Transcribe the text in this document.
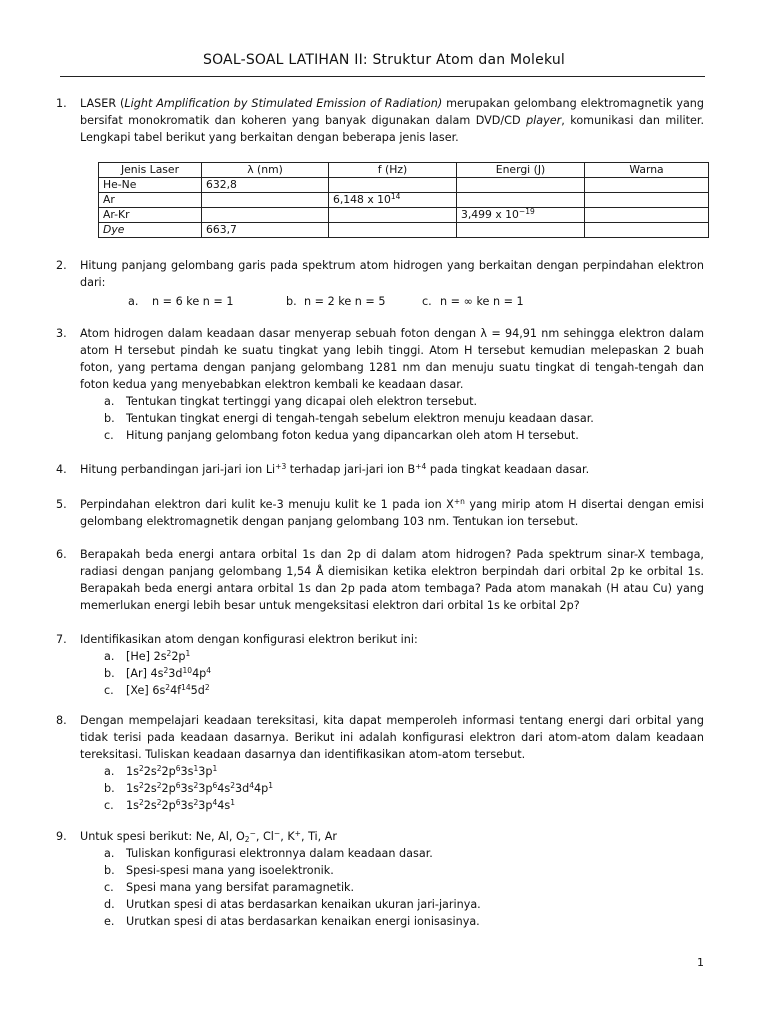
SOAL-SOAL LATIHAN II: Struktur Atom dan Molekul
1.	LASER (Light Amplification by Stimulated Emission of Radiation) merupakan gelombang elektromagnetik yang bersifat monokromatik dan koheren yang banyak digunakan dalam DVD/CD player, komunikasi dan militer. Lengkapi tabel berikut yang berkaitan dengan beberapa jenis laser.
Jenis Laser	λ (nm)	f (Hz)	Energi (J)	Warna
He-Ne	632,8			
Ar		6,148 x $10^{14}$		
Ar-Kr			3,499 x $10^{-19}$	
Dye	663,7			
2.	Hitung panjang gelombang garis pada spektrum atom hidrogen yang berkaitan dengan perpindahan elektron dari:
a. n = 6 ke n = 1	b. n = 2 ke n = 5	c. n = ∞ ke n = 1
3.	Atom hidrogen dalam keadaan dasar menyerap sebuah foton dengan λ = 94,91 nm sehingga elektron dalam atom H tersebut pindah ke suatu tingkat yang lebih tinggi. Atom H tersebut kemudian melepaskan 2 buah foton, yang pertama dengan panjang gelombang 1281 nm dan menuju suatu tingkat di tengah-tengah dan foton kedua yang menyebabkan elektron kembali ke keadaan dasar.
a.	Tentukan tingkat tertinggi yang dicapai oleh elektron tersebut.
b.	Tentukan tingkat energi di tengah-tengah sebelum elektron menuju keadaan dasar.
c.	Hitung panjang gelombang foton kedua yang dipancarkan oleh atom H tersebut.
4.	Hitung perbandingan jari-jari ion $Li^{+3}$ terhadap jari-jari ion $B^{+4}$ pada tingkat keadaan dasar.
5.	Perpindahan elektron dari kulit ke-3 menuju kulit ke 1 pada ion $X^{+n}$ yang mirip atom H disertai dengan emisi gelombang elektromagnetik dengan panjang gelombang 103 nm. Tentukan ion tersebut.
6.	Berapakah beda energi antara orbital 1s dan 2p di dalam atom hidrogen? Pada spektrum sinar-X tembaga, radiasi dengan panjang gelombang 1,54 Å diemisikan ketika elektron berpindah dari orbital 2p ke orbital 1s. Berapakah beda energi antara orbital 1s dan 2p pada atom tembaga? Pada atom manakah (H atau Cu) yang memerlukan energi lebih besar untuk mengeksitasi elektron dari orbital 1s ke orbital 2p?
7.	Identifikasikan atom dengan konfigurasi elektron berikut ini:
a.	[He] $2s^22p^1$
b.	[Ar] $4s^23d^{10}4p^4$
c.	[Xe] $6s^24f^{14}5d^2$
8.	Dengan mempelajari keadaan tereksitasi, kita dapat memperoleh informasi tentang energi dari orbital yang tidak terisi pada keadaan dasarnya. Berikut ini adalah konfigurasi elektron dari atom-atom dalam keadaan tereksitasi. Tuliskan keadaan dasarnya dan identifikasikan atom-atom tersebut.
a.	$1s^22s^22p^63s^13p^1$
b.	$1s^22s^22p^63s^23p^64s^23d^44p^1$
c.	$1s^22s^22p^63s^23p^44s^1$
9.	Untuk spesi berikut: Ne, Al, $O_2^-$, Cl−, K+, Ti, Ar
a.	Tuliskan konfigurasi elektronnya dalam keadaan dasar.
b.	Spesi-spesi mana yang isoelektronik.
c.	Spesi mana yang bersifat paramagnetik.
d.	Urutkan spesi di atas berdasarkan kenaikan ukuran jari-jarinya.
e.	Urutkan spesi di atas berdasarkan kenaikan energi ionisasinya.
1
